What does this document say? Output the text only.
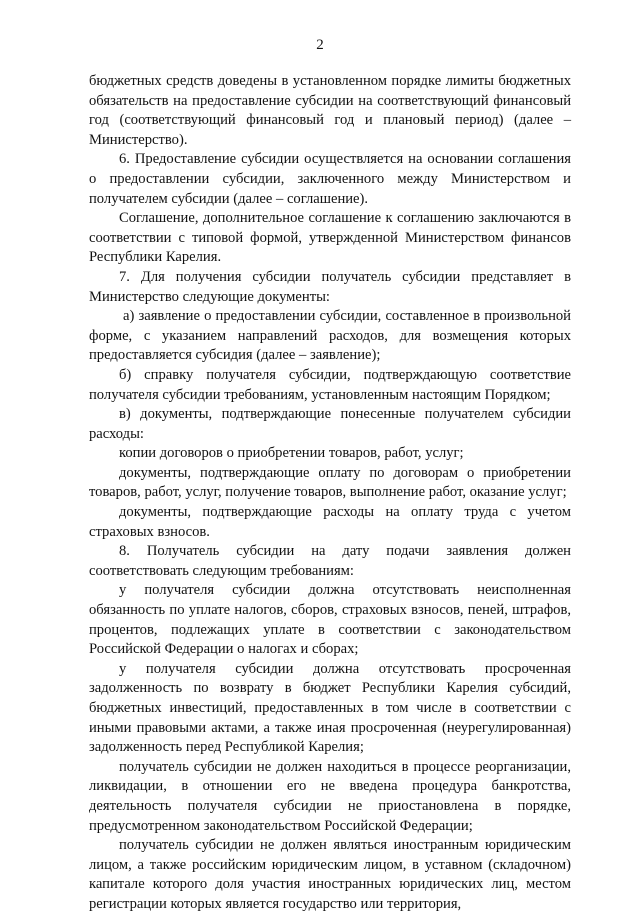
2

бюджетных средств доведены в установленном порядке лимиты бюджетных обязательств на предоставление субсидии на соответствующий финансовый год (соответствующий финансовый год и плановый период) (далее – Министерство).

6. Предоставление субсидии осуществляется на основании соглашения о предоставлении субсидии, заключенного между Министерством и получателем субсидии (далее – соглашение).

Соглашение, дополнительное соглашение к соглашению заключаются в соответствии с типовой формой, утвержденной Министерством финансов Республики Карелия.

7. Для получения субсидии получатель субсидии представляет в Министерство следующие документы:

а) заявление о предоставлении субсидии, составленное в произвольной форме, с указанием направлений расходов, для возмещения которых предоставляется субсидия (далее – заявление);

б) справку получателя субсидии, подтверждающую соответствие получателя субсидии требованиям, установленным настоящим Порядком;

в) документы, подтверждающие понесенные получателем субсидии расходы:

копии договоров о приобретении товаров, работ, услуг;

документы, подтверждающие оплату по договорам о приобретении товаров, работ, услуг, получение товаров, выполнение работ, оказание услуг;

документы, подтверждающие расходы на оплату труда с учетом страховых взносов.

8. Получатель субсидии на дату подачи заявления должен соответствовать следующим требованиям:

у получателя субсидии должна отсутствовать неисполненная обязанность по уплате налогов, сборов, страховых взносов, пеней, штрафов, процентов, подлежащих уплате в соответствии с законодательством Российской Федерации о налогах и сборах;

у получателя субсидии должна отсутствовать просроченная задолженность по возврату в бюджет Республики Карелия субсидий, бюджетных инвестиций, предоставленных в том числе в соответствии с иными правовыми актами, а также иная просроченная (неурегулированная) задолженность перед Республикой Карелия;

получатель субсидии не должен находиться в процессе реорганизации, ликвидации, в отношении его не введена процедура банкротства, деятельность получателя субсидии не приостановлена в порядке, предусмотренном законодательством Российской Федерации;

получатель субсидии не должен являться иностранным юридическим лицом, а также российским юридическим лицом, в уставном (складочном) капитале которого доля участия иностранных юридических лиц, местом регистрации которых является государство или территория,
